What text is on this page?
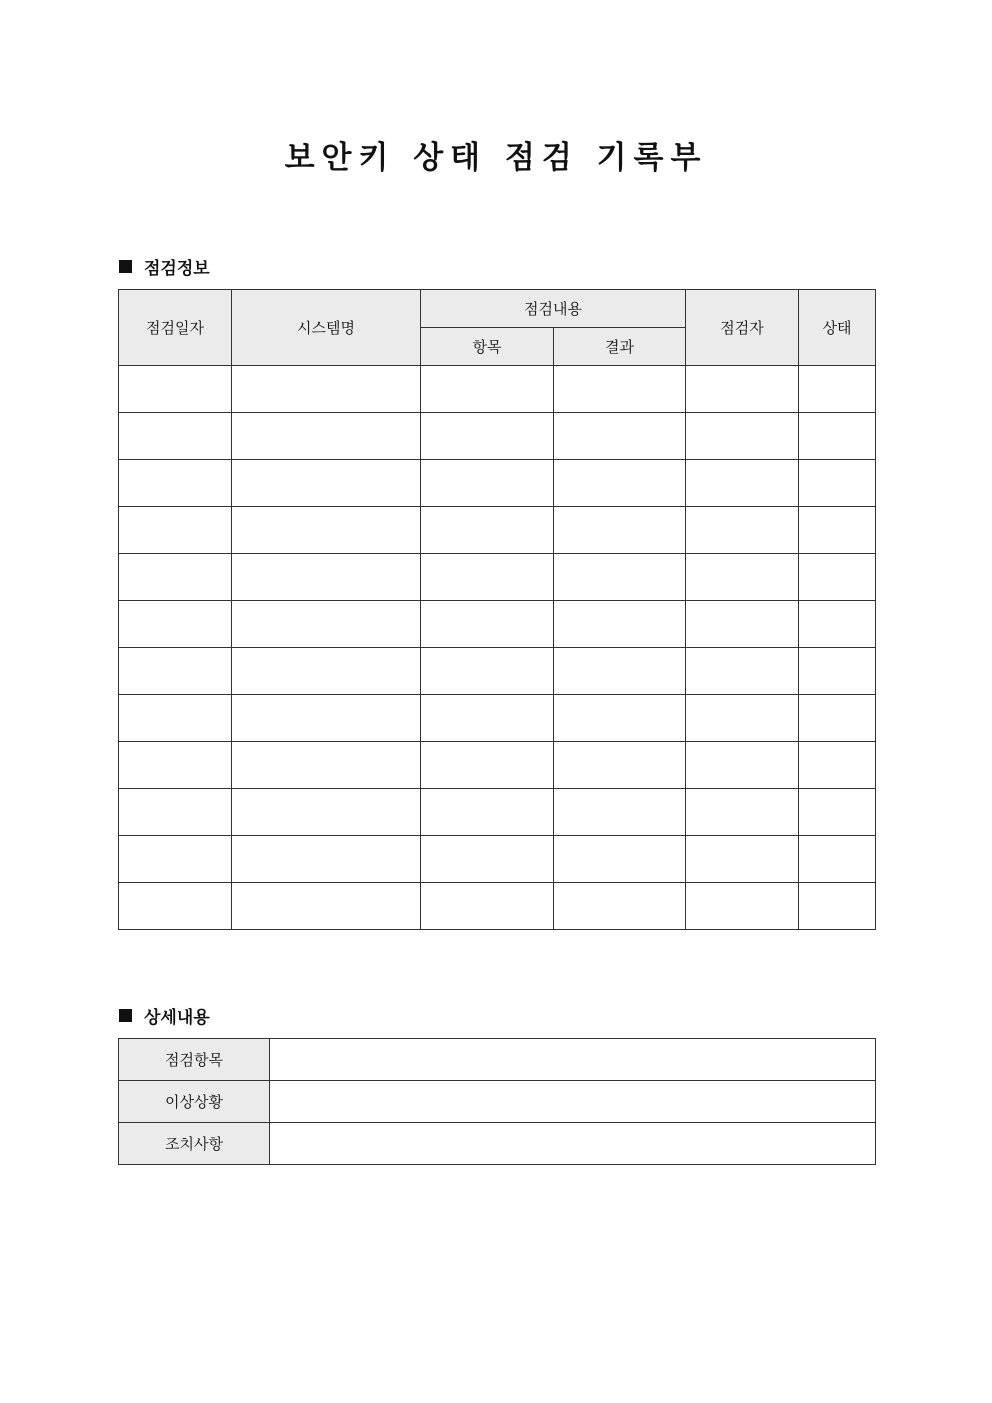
보안키 상태 점검 기록부
점검정보
점검일자	시스템명	점검내용		점검자	상태
		항목	결과		

상세내용
점검항목	
이상상황	
조치사항	
